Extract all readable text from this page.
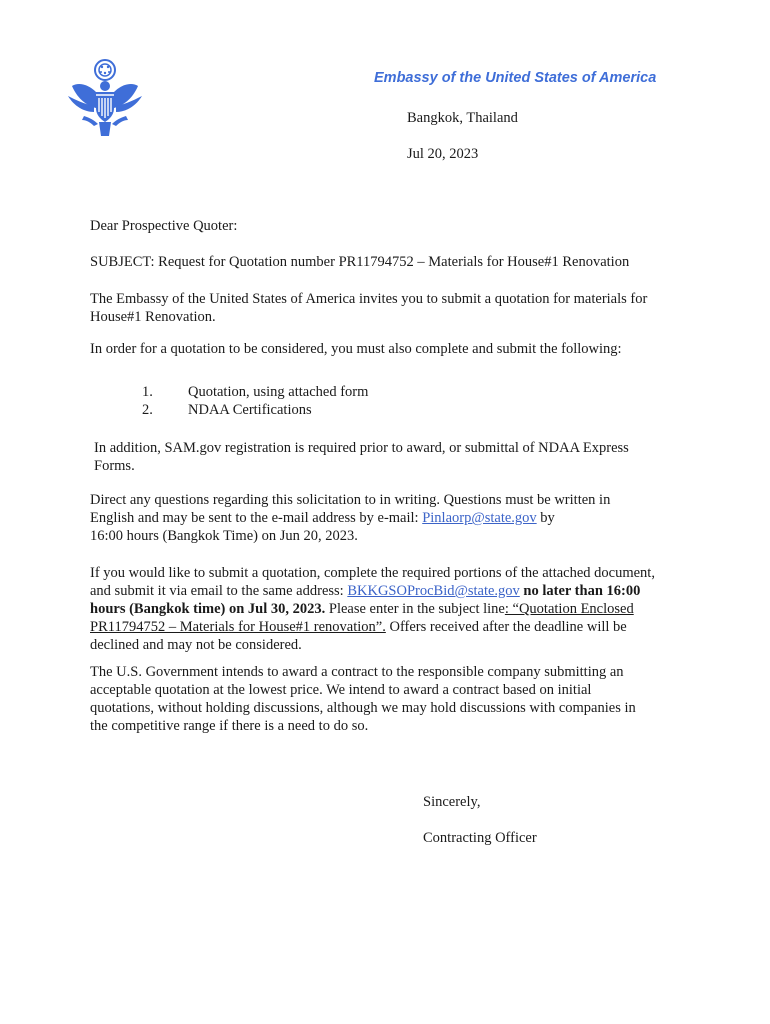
Embassy of the United States of America
Bangkok, Thailand
Jul 20, 2023
Dear Prospective Quoter:
SUBJECT: Request for Quotation number PR11794752 – Materials for House#1 Renovation
The Embassy of the United States of America invites you to submit a quotation for materials for
House#1 Renovation.
In order for a quotation to be considered, you must also complete and submit the following:
1. Quotation, using attached form
2. NDAA Certifications
In addition, SAM.gov registration is required prior to award, or submittal of NDAA Express
Forms.
Direct any questions regarding this solicitation to in writing. Questions must be written in
English and may be sent to the e-mail address by e-mail: Pinlaorp@state.gov by
16:00 hours (Bangkok Time) on Jun 20, 2023.
If you would like to submit a quotation, complete the required portions of the attached document,
and submit it via email to the same address: BKKGSOProcBid@state.gov no later than 16:00
hours (Bangkok time) on Jul 30, 2023. Please enter in the subject line: “Quotation Enclosed
PR11794752 – Materials for House#1 renovation”. Offers received after the deadline will be
declined and may not be considered.
The U.S. Government intends to award a contract to the responsible company submitting an
acceptable quotation at the lowest price. We intend to award a contract based on initial
quotations, without holding discussions, although we may hold discussions with companies in
the competitive range if there is a need to do so.
Sincerely,
Contracting Officer
